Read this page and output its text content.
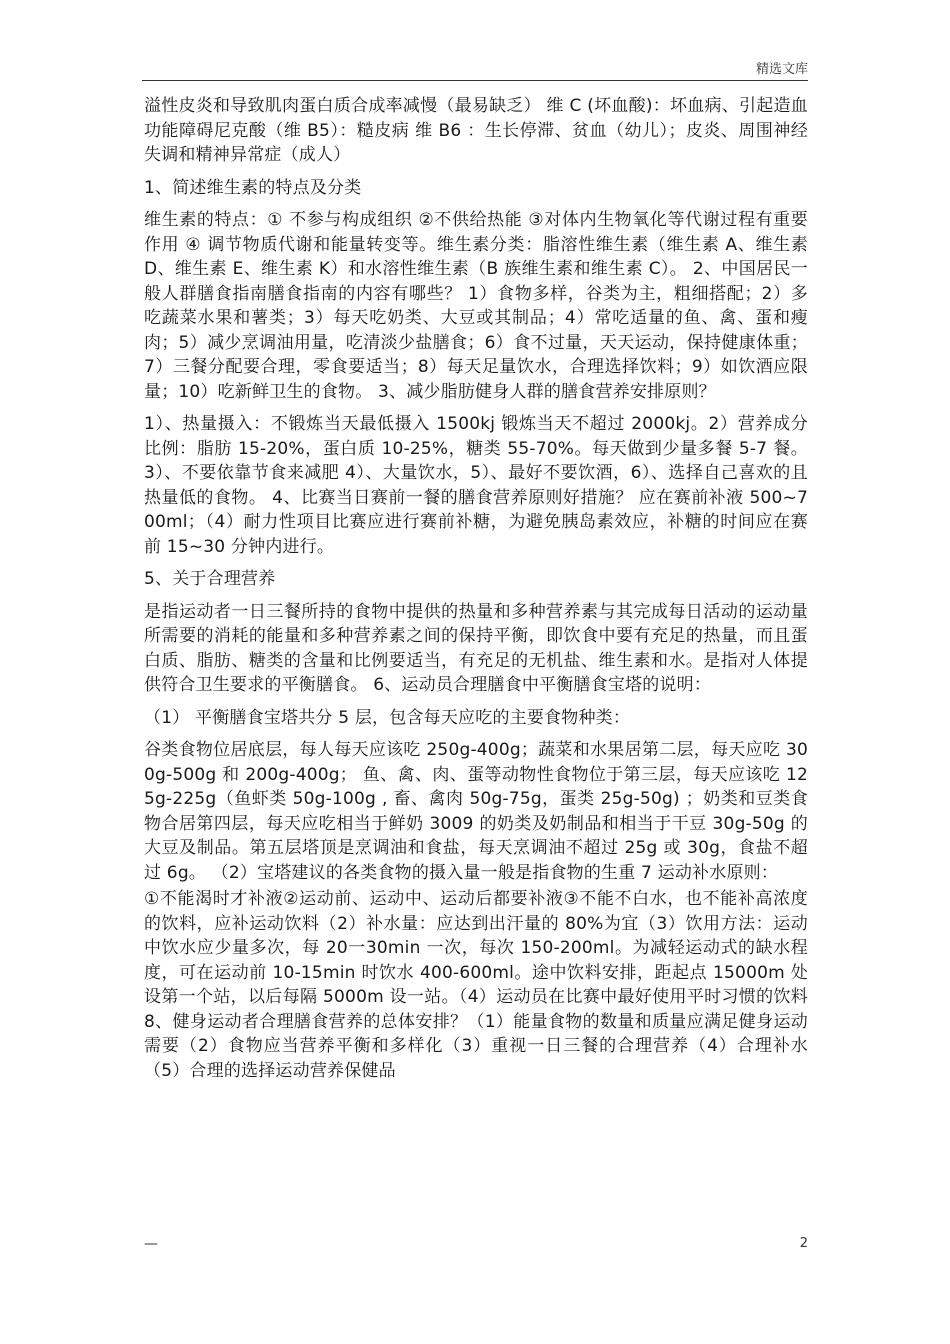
精选文库

溢性皮炎和导致肌肉蛋白质合成率减慢（最易缺乏） 维 C (坏血酸)：坏血病、引起造血功能障碍尼克酸（维 B5）：糙皮病 维 B6 ：生长停滞、贫血（幼儿）；皮炎、周围神经失调和精神异常症（成人）

1、简述维生素的特点及分类

维生素的特点：① 不参与构成组织 ②不供给热能 ③对体内生物氧化等代谢过程有重要作用 ④ 调节物质代谢和能量转变等。维生素分类：脂溶性维生素（维生素 A、维生素 D、维生素 E、维生素 K）和水溶性维生素（B 族维生素和维生素 C）。 2、中国居民一般人群膳食指南膳食指南的内容有哪些？ 1）食物多样，谷类为主，粗细搭配；2）多吃蔬菜水果和薯类；3）每天吃奶类、大豆或其制品；4）常吃适量的鱼、禽、蛋和瘦肉；5）减少烹调油用量，吃清淡少盐膳食；6）食不过量，天天运动，保持健康体重；7）三餐分配要合理，零食要适当；8）每天足量饮水，合理选择饮料；9）如饮酒应限量；10）吃新鲜卫生的食物。 3、减少脂肪健身人群的膳食营养安排原则？

1）、热量摄入：不锻炼当天最低摄入 1500kj 锻炼当天不超过 2000kj。2）营养成分比例：脂肪 15-20%，蛋白质 10-25%，糖类 55-70%。每天做到少量多餐 5-7 餐。3）、不要依靠节食来减肥 4）、大量饮水，5）、最好不要饮酒，6）、选择自己喜欢的且热量低的食物。 4、比赛当日赛前一餐的膳食营养原则好措施？ 应在赛前补液 500~700ml；（4）耐力性项目比赛应进行赛前补糖，为避免胰岛素效应，补糖的时间应在赛前 15~30 分钟内进行。

5、关于合理营养

是指运动者一日三餐所持的食物中提供的热量和多种营养素与其完成每日活动的运动量所需要的消耗的能量和多种营养素之间的保持平衡，即饮食中要有充足的热量，而且蛋白质、脂肪、糖类的含量和比例要适当，有充足的无机盐、维生素和水。是指对人体提供符合卫生要求的平衡膳食。 6、运动员合理膳食中平衡膳食宝塔的说明：

（1） 平衡膳食宝塔共分 5 层，包含每天应吃的主要食物种类：

谷类食物位居底层，每人每天应该吃 250g-400g；蔬菜和水果居第二层，每天应吃 300g-500g 和 200g-400g； 鱼、禽、肉、蛋等动物性食物位于第三层，每天应该吃 125g-225g（鱼虾类 50g-100g , 畜、禽肉 50g-75g，蛋类 25g-50g) ；奶类和豆类食物合居第四层，每天应吃相当于鲜奶 3009 的奶类及奶制品和相当于干豆 30g-50g 的大豆及制品。第五层塔顶是烹调油和食盐，每天烹调油不超过 25g 或 30g，食盐不超过 6g。 （2）宝塔建议的各类食物的摄入量一般是指食物的生重 7 运动补水原则：

①不能渴时才补液②运动前、运动中、运动后都要补液③不能不白水，也不能补高浓度的饮料，应补运动饮料（2）补水量：应达到出汗量的 80%为宜（3）饮用方法：运动中饮水应少量多次，每 20一30min 一次，每次 150-200ml。为减轻运动式的缺水程度，可在运动前 10-15min 时饮水 400-600ml。途中饮料安排，距起点 15000m 处设第一个站，以后每隔 5000m 设一站。（4）运动员在比赛中最好使用平时习惯的饮料 8、健身运动者合理膳食营养的总体安排？（1）能量食物的数量和质量应满足健身运动需要（2）食物应当营养平衡和多样化（3）重视一日三餐的合理营养（4）合理补水（5）合理的选择运动营养保健品

—	2
